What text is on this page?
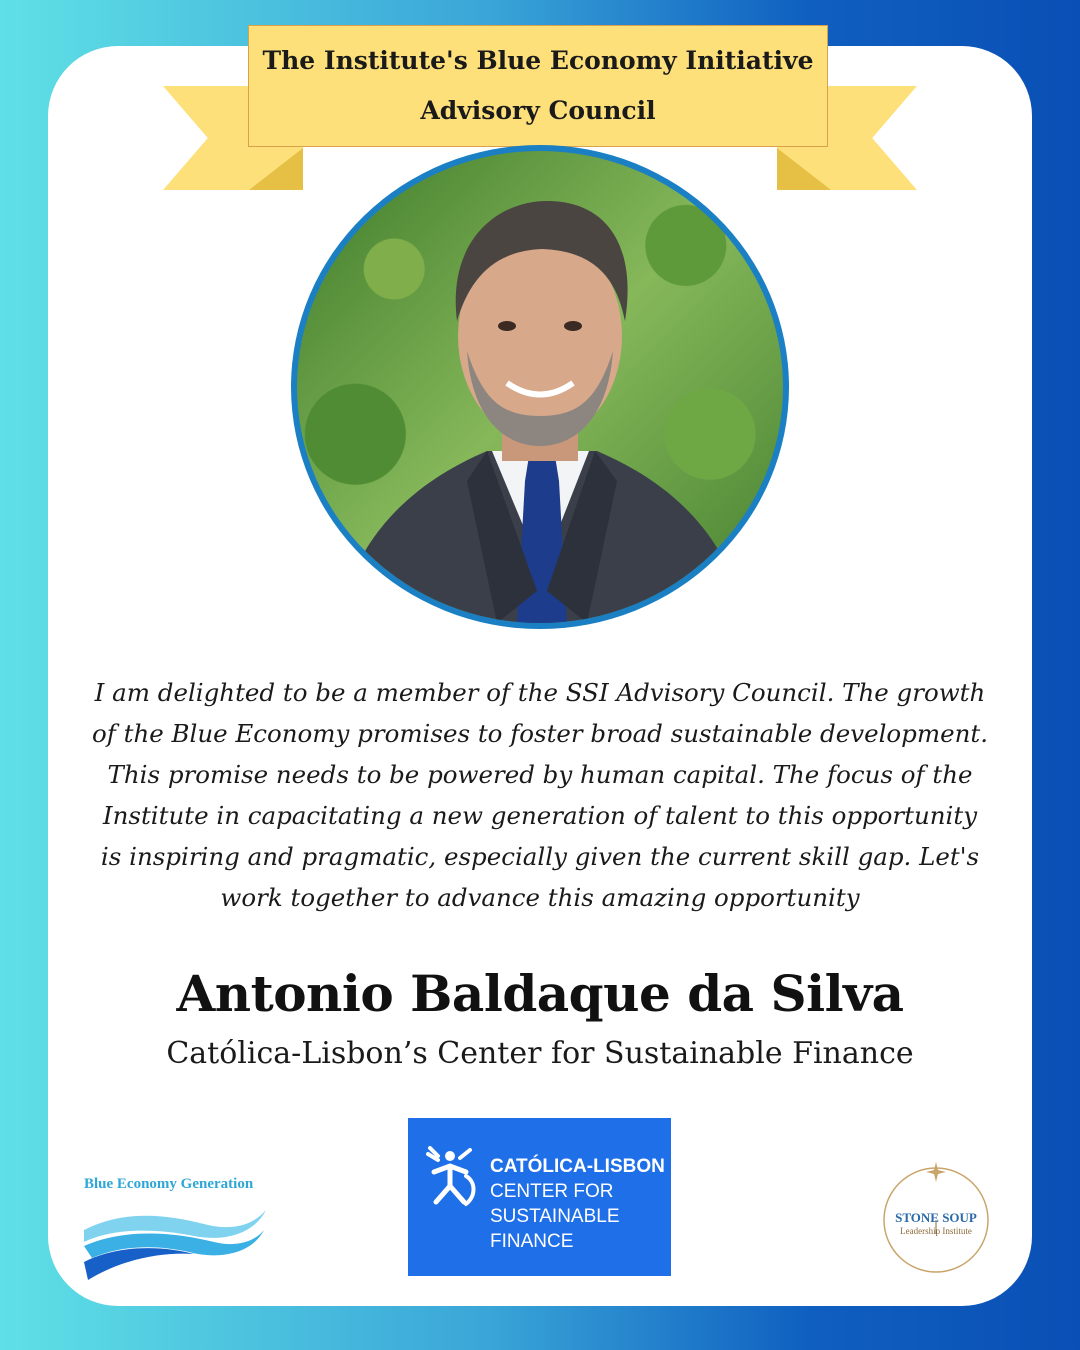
The Institute's Blue Economy Initiative
Advisory Council
I am delighted to be a member of the SSI Advisory Council. The growth
of the Blue Economy promises to foster broad sustainable development.
This promise needs to be powered by human capital. The focus of the
Institute in capacitating a new generation of talent to this opportunity
is inspiring and pragmatic, especially given the current skill gap. Let's
work together to advance this amazing opportunity
Antonio Baldaque da Silva
Católica-Lisbon’s Center for Sustainable Finance
Blue Economy Generation
CATÓLICA-LISBON
CENTER FOR
SUSTAINABLE
FINANCE
STONE SOUP
Leadership Institute
